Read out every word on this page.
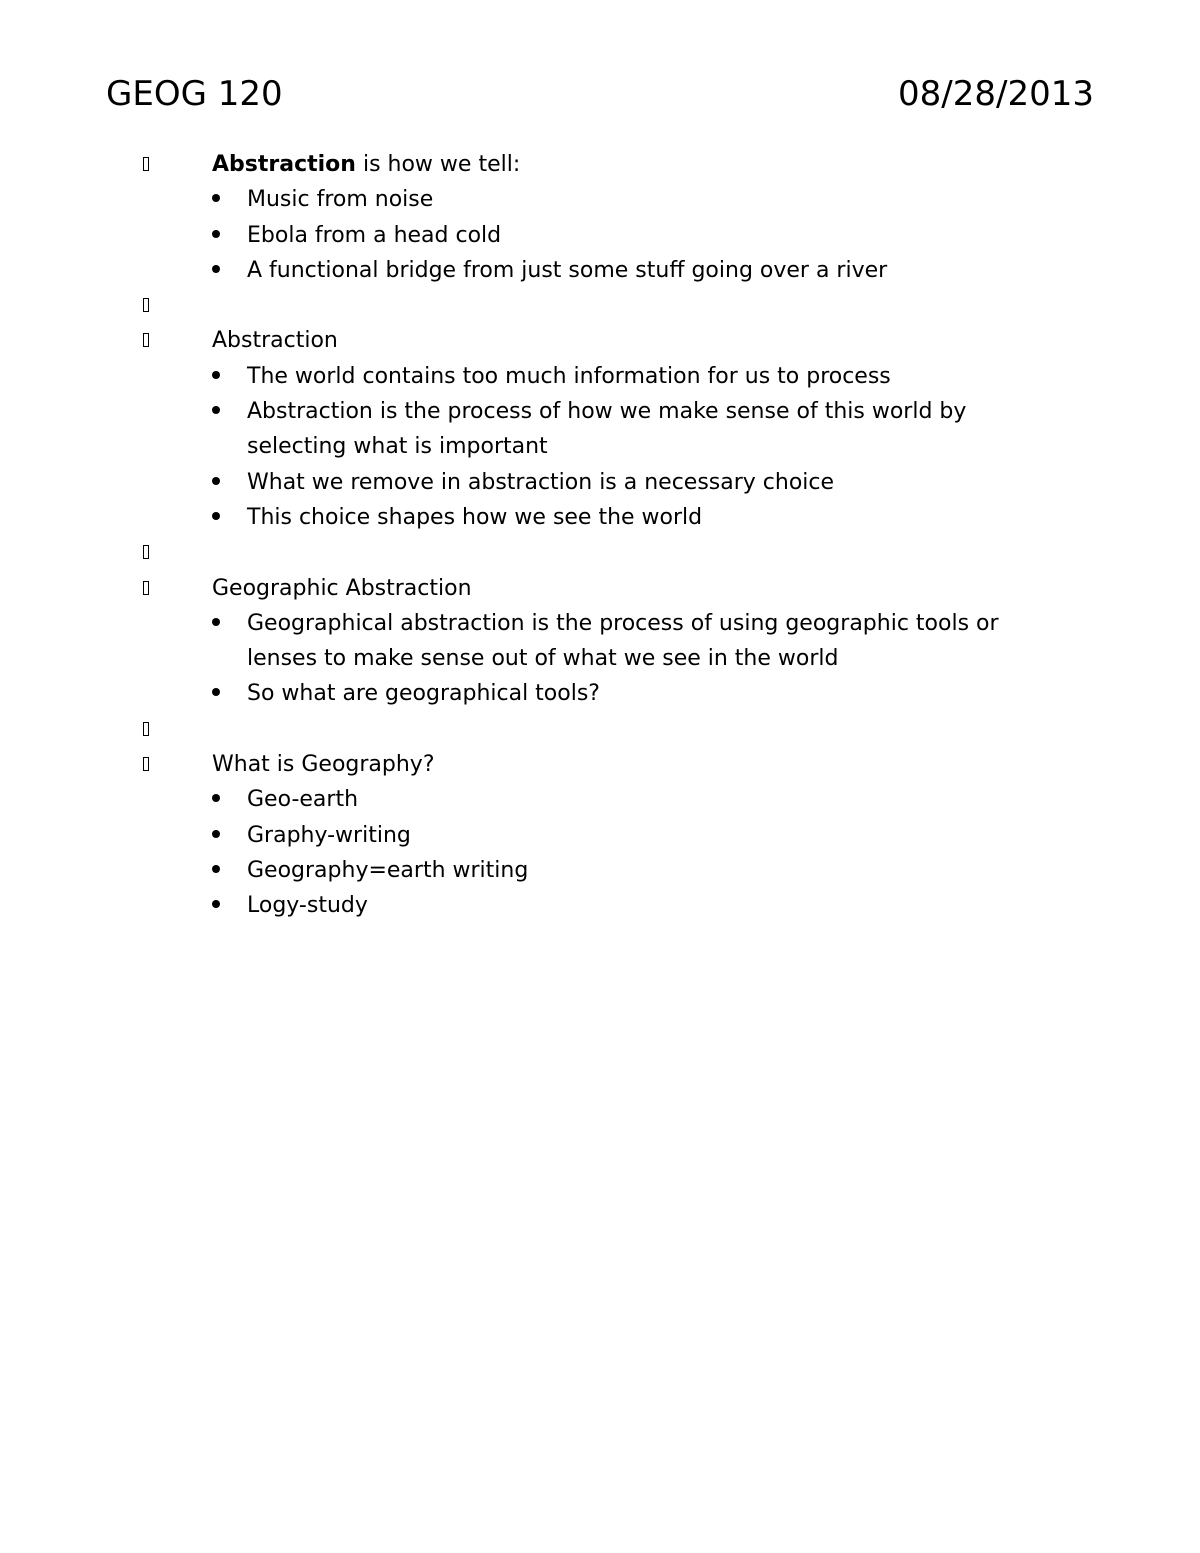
GEOG 120	08/28/2013
Abstraction is how we tell:
Music from noise
Ebola from a head cold
A functional bridge from just some stuff going over a river
Abstraction
The world contains too much information for us to process
Abstraction is the process of how we make sense of this world by selecting what is important
What we remove in abstraction is a necessary choice
This choice shapes how we see the world
Geographic Abstraction
Geographical abstraction is the process of using geographic tools or lenses to make sense out of what we see in the world
So what are geographical tools?
What is Geography?
Geo-earth
Graphy-writing
Geography=earth writing
Logy-study
